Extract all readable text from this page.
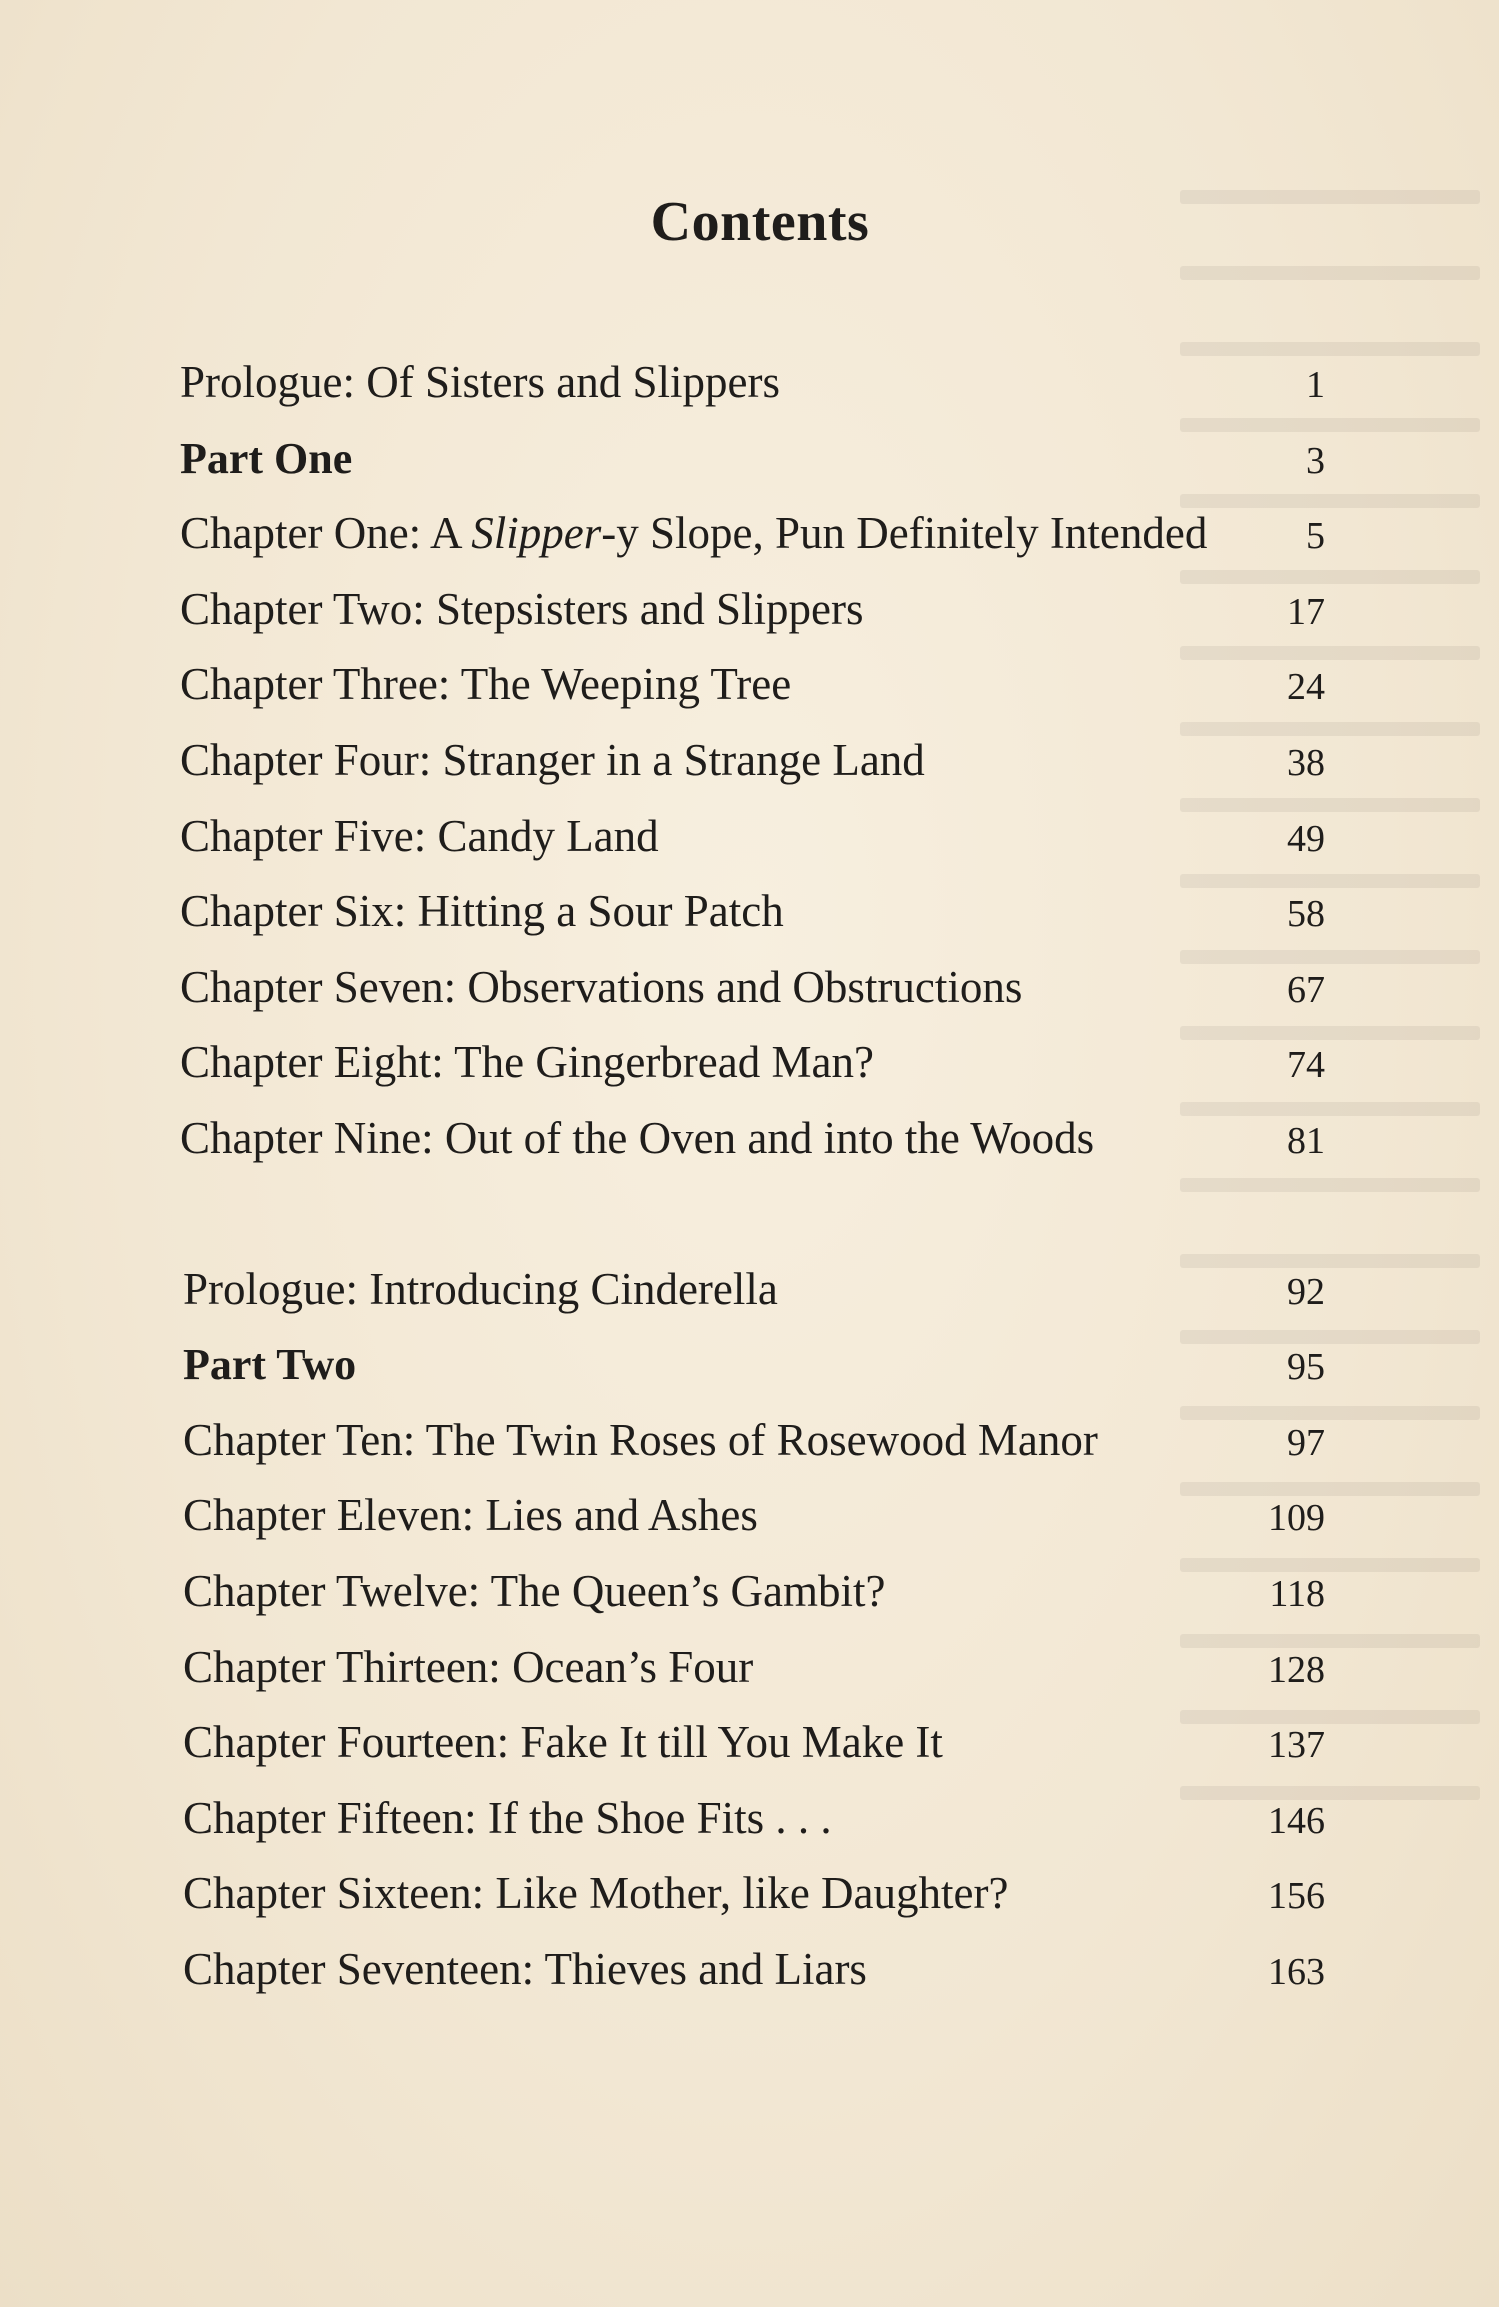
Contents
Prologue: Of Sisters and Slippers	1
Part One	3
Chapter One: A Slipper-y Slope, Pun Definitely Intended	5
Chapter Two: Stepsisters and Slippers	17
Chapter Three: The Weeping Tree	24
Chapter Four: Stranger in a Strange Land	38
Chapter Five: Candy Land	49
Chapter Six: Hitting a Sour Patch	58
Chapter Seven: Observations and Obstructions	67
Chapter Eight: The Gingerbread Man?	74
Chapter Nine: Out of the Oven and into the Woods	81
Prologue: Introducing Cinderella	92
Part Two	95
Chapter Ten: The Twin Roses of Rosewood Manor	97
Chapter Eleven: Lies and Ashes	109
Chapter Twelve: The Queen’s Gambit?	118
Chapter Thirteen: Ocean’s Four	128
Chapter Fourteen: Fake It till You Make It	137
Chapter Fifteen: If the Shoe Fits . . .	146
Chapter Sixteen: Like Mother, like Daughter?	156
Chapter Seventeen: Thieves and Liars	163
